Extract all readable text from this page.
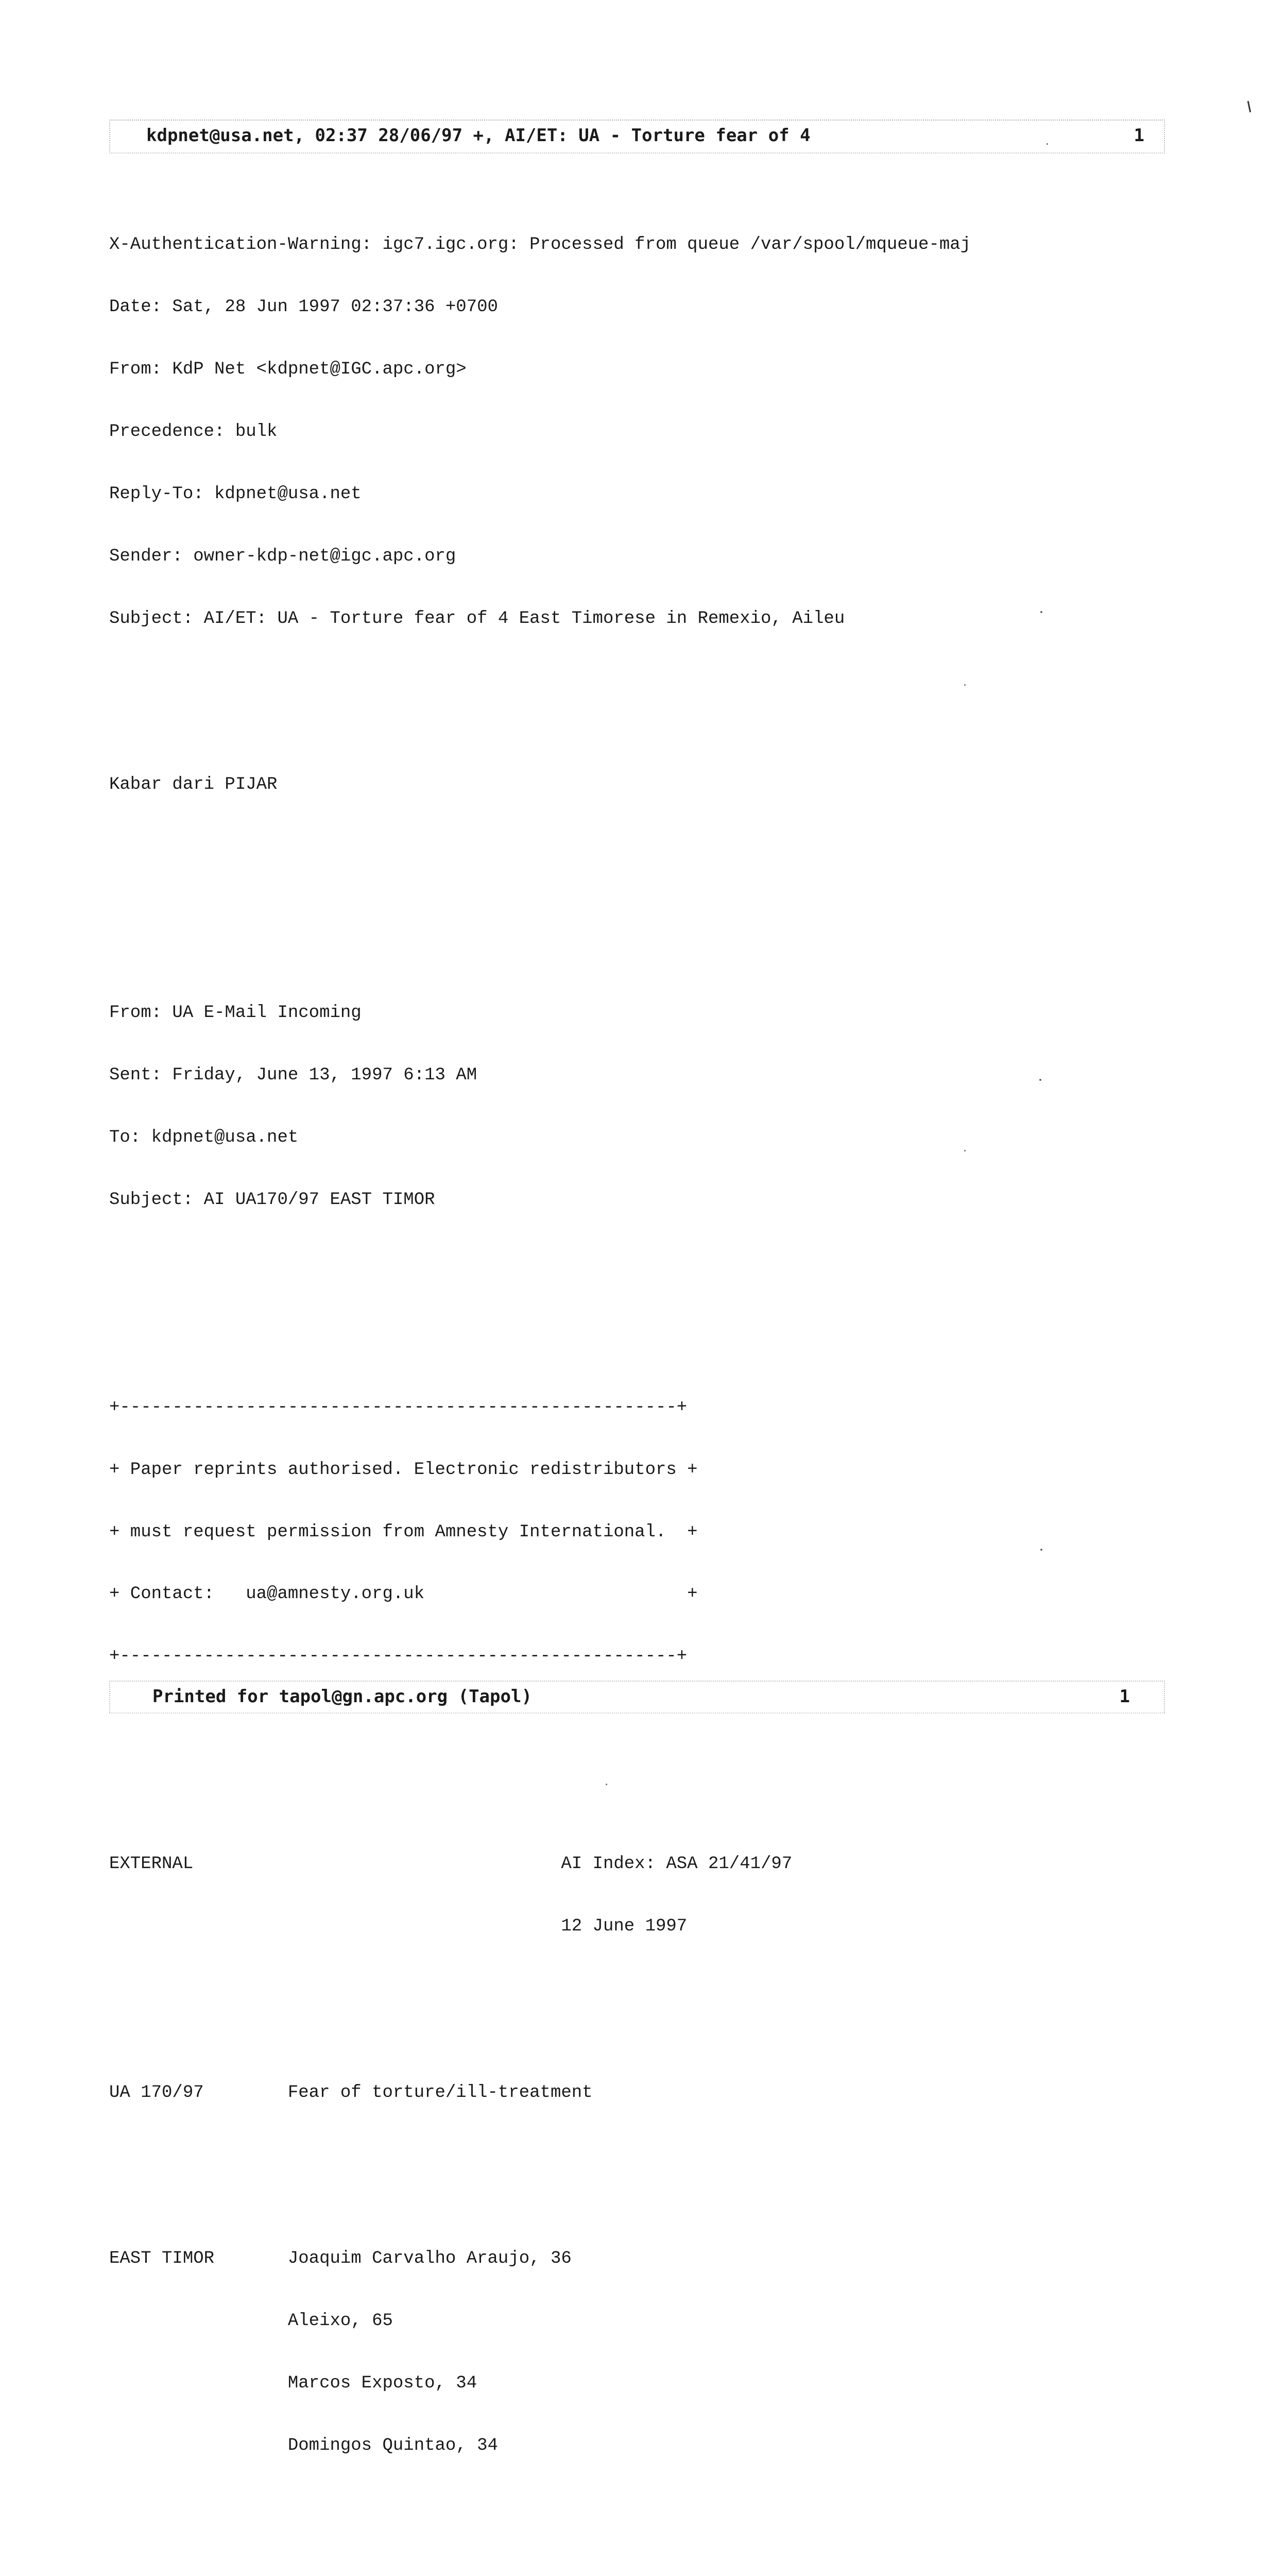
kdpnet@usa.net, 02:37 28/06/97 +, AI/ET: UA - Torture fear of 4	1

X-Authentication-Warning: igc7.igc.org: Processed from queue /var/spool/mqueue-maj

Date: Sat, 28 Jun 1997 02:37:36 +0700

From: KdP Net <kdpnet@IGC.apc.org>

Precedence: bulk

Reply-To: kdpnet@usa.net

Sender: owner-kdp-net@igc.apc.org

Subject: AI/ET: UA - Torture fear of 4 East Timorese in Remexio, Aileu

Kabar dari PIJAR

From: UA E-Mail Incoming

Sent: Friday, June 13, 1997 6:13 AM

To: kdpnet@usa.net

Subject: AI UA170/97 EAST TIMOR

+-----------------------------------------------------+

+ Paper reprints authorised. Electronic redistributors +

+ must request permission from Amnesty International.  +

+ Contact:   ua@amnesty.org.uk                         +

+-----------------------------------------------------+

EXTERNAL                                   AI Index: ASA 21/41/97

12 June 1997

UA 170/97        Fear of torture/ill-treatment

EAST TIMOR       Joaquim Carvalho Araujo, 36

Aleixo, 65

Marcos Exposto, 34

Domingos Quintao, 34

Printed for tapol@gn.apc.org (Tapol)	1
